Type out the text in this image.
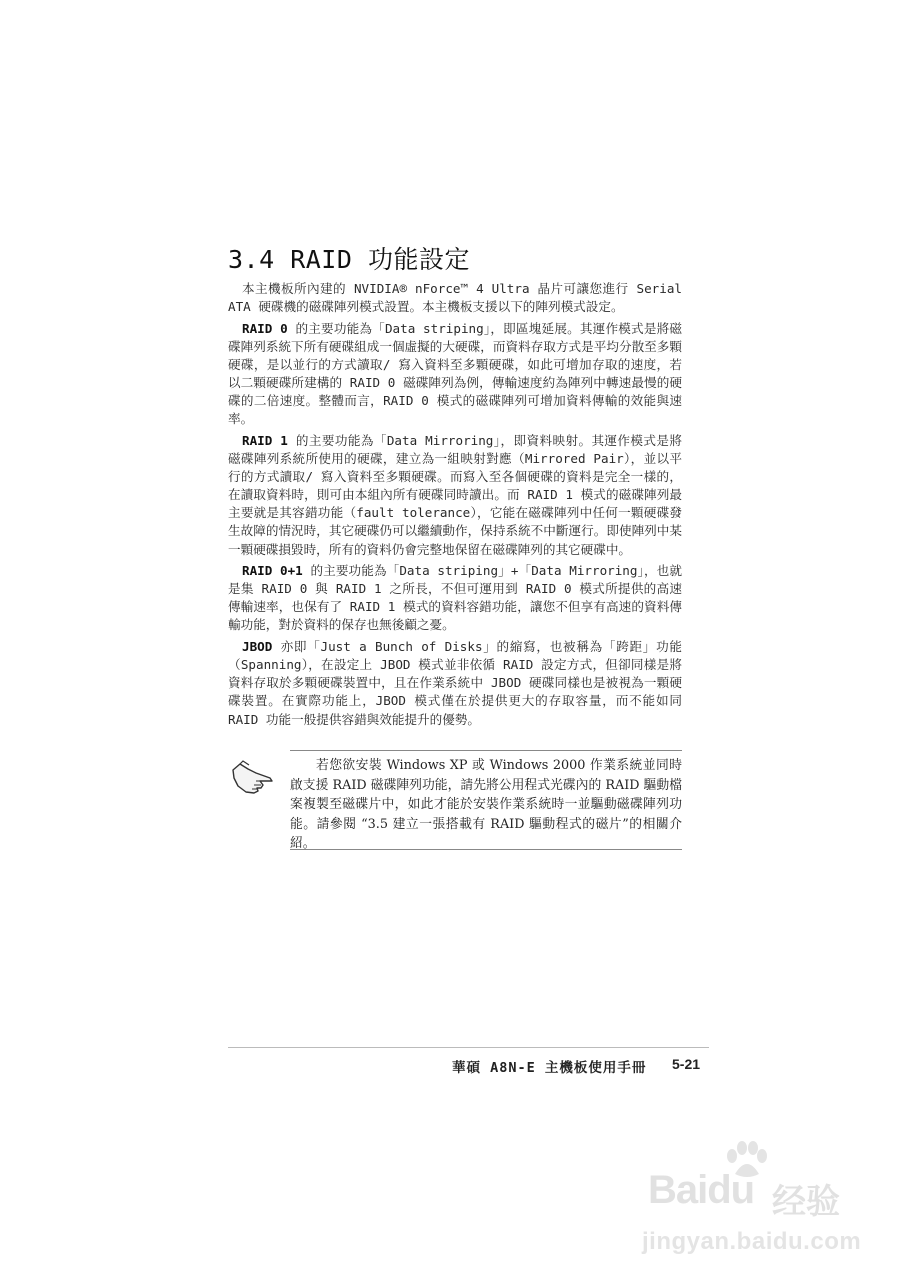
3.4 RAID 功能設定

本主機板所內建的 NVIDIA® nForce™ 4 Ultra 晶片可讓您進行 Serial ATA 硬碟機的磁碟陣列模式設置。本主機板支援以下的陣列模式設定。

RAID 0 的主要功能為「Data striping」，即區塊延展。其運作模式是將磁碟陣列系統下所有硬碟組成一個虛擬的大硬碟，而資料存取方式是平均分散至多顆硬碟，是以並行的方式讀取/ 寫入資料至多顆硬碟，如此可增加存取的速度，若以二顆硬碟所建構的 RAID 0 磁碟陣列為例，傳輸速度約為陣列中轉速最慢的硬碟的二倍速度。整體而言，RAID 0 模式的磁碟陣列可增加資料傳輸的效能與速率。

RAID 1 的主要功能為「Data Mirroring」，即資料映射。其運作模式是將磁碟陣列系統所使用的硬碟，建立為一組映射對應（Mirrored Pair），並以平行的方式讀取/ 寫入資料至多顆硬碟。而寫入至各個硬碟的資料是完全一樣的，在讀取資料時，則可由本組內所有硬碟同時讀出。而 RAID 1 模式的磁碟陣列最主要就是其容錯功能（fault tolerance），它能在磁碟陣列中任何一顆硬碟發生故障的情況時，其它硬碟仍可以繼續動作，保持系統不中斷運行。即使陣列中某一顆硬碟損毀時，所有的資料仍會完整地保留在磁碟陣列的其它硬碟中。

RAID 0+1 的主要功能為「Data striping」+「Data Mirroring」，也就是集 RAID 0 與 RAID 1 之所長，不但可運用到 RAID 0 模式所提供的高速傳輸速率，也保有了 RAID 1 模式的資料容錯功能，讓您不但享有高速的資料傳輸功能，對於資料的保存也無後顧之憂。

JBOD 亦即「Just a Bunch of Disks」的縮寫，也被稱為「跨距」功能（Spanning），在設定上 JBOD 模式並非依循 RAID 設定方式，但卻同樣是將資料存取於多顆硬碟裝置中，且在作業系統中 JBOD 硬碟同樣也是被視為一顆硬碟裝置。在實際功能上，JBOD 模式僅在於提供更大的存取容量，而不能如同 RAID 功能一般提供容錯與效能提升的優勢。

若您欲安裝 Windows XP 或 Windows 2000 作業系統並同時啟支援 RAID 磁碟陣列功能，請先將公用程式光碟內的 RAID 驅動檔案複製至磁碟片中，如此才能於安裝作業系統時一並驅動磁碟陣列功能。請參閱 “3.5 建立一張搭載有 RAID 驅動程式的磁片”的相關介紹。
華碩 A8N-E 主機板使用手冊 5-21
Baidu 经验
jingyan.baidu.com
